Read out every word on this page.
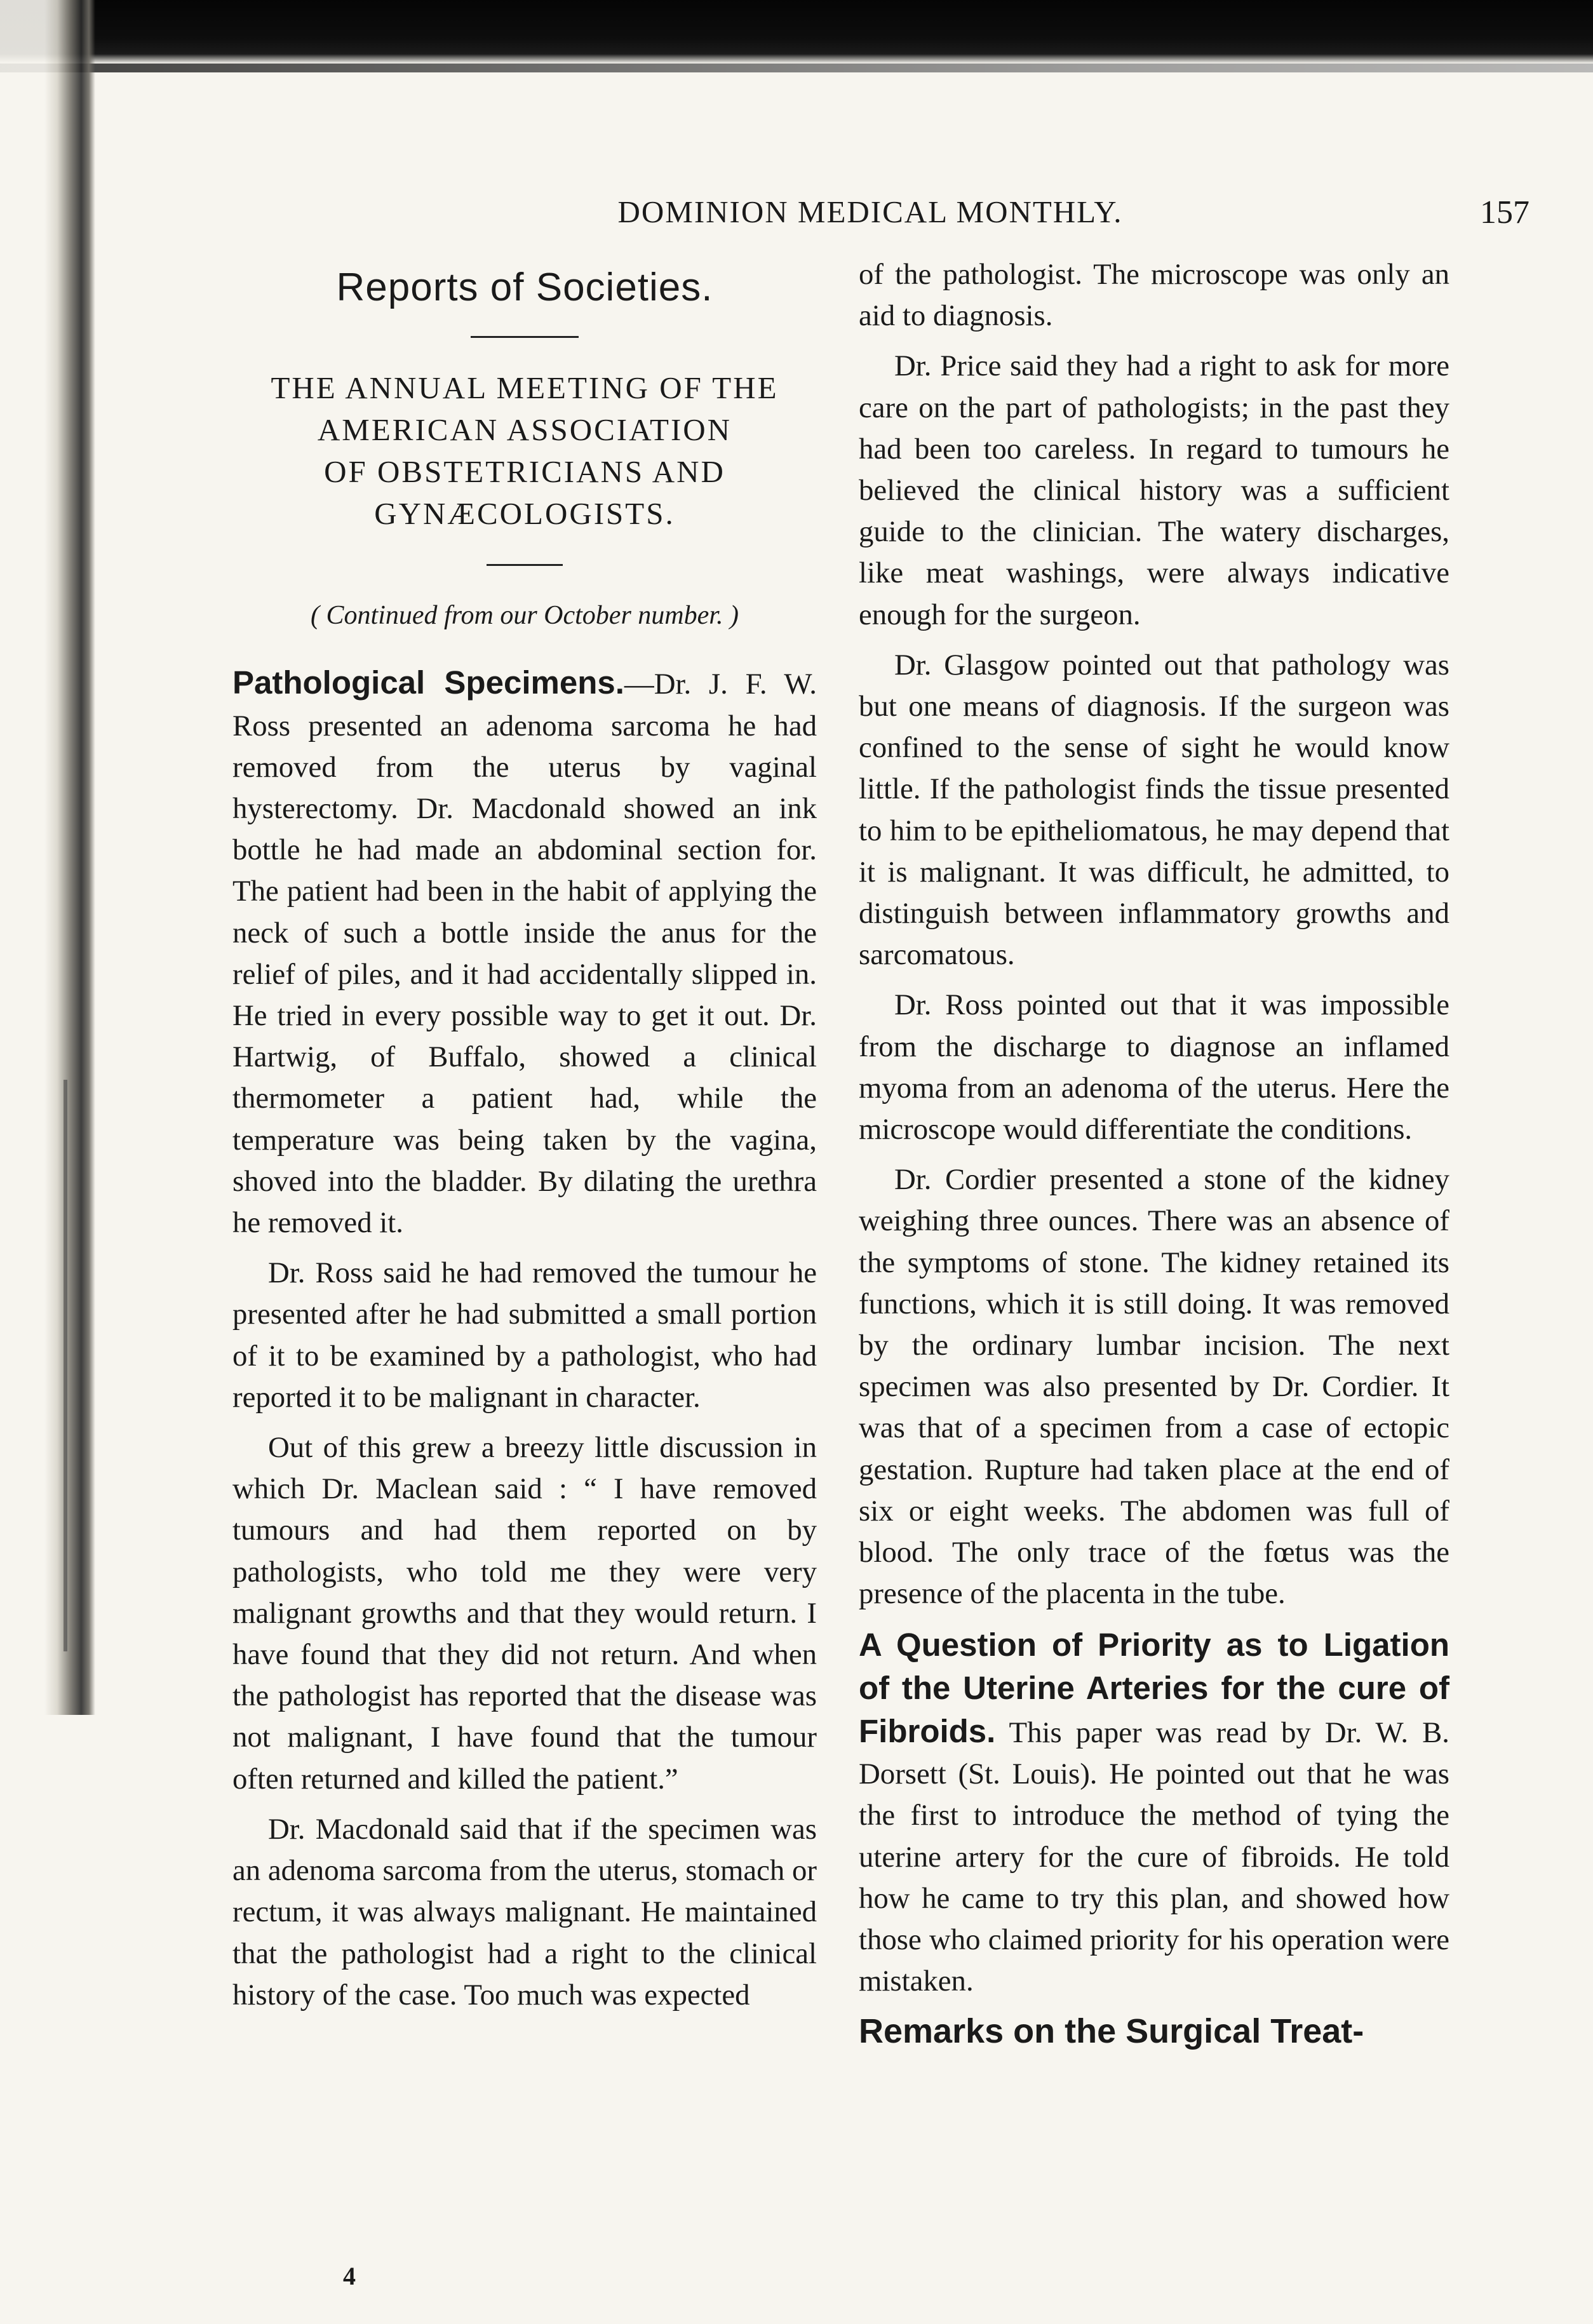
DOMINION MEDICAL MONTHLY.	157
Reports of Societies.
THE ANNUAL MEETING OF THE
AMERICAN ASSOCIATION
OF OBSTETRICIANS AND
GYNÆCOLOGISTS.
( Continued from our October number. )

Pathological Specimens.—Dr. J. F. W. Ross presented an adenoma sarcoma he had removed from the uterus by vaginal hysterectomy. Dr. Macdonald showed an ink bottle he had made an abdominal section for. The patient had been in the habit of applying the neck of such a bottle inside the anus for the relief of piles, and it had accidentally slipped in. He tried in every possible way to get it out. Dr. Hartwig, of Buffalo, showed a clinical thermometer a patient had, while the temperature was being taken by the vagina, shoved into the bladder. By dilating the urethra he removed it.

Dr. Ross said he had removed the tumour he presented after he had submitted a small portion of it to be examined by a pathologist, who had reported it to be malignant in character.

Out of this grew a breezy little discussion in which Dr. Maclean said : “ I have removed tumours and had them reported on by pathologists, who told me they were very malignant growths and that they would return. I have found that they did not return. And when the pathologist has reported that the disease was not malignant, I have found that the tumour often returned and killed the patient.”

Dr. Macdonald said that if the specimen was an adenoma sarcoma from the uterus, stomach or rectum, it was always malignant. He maintained that the pathologist had a right to the clinical history of the case. Too much was expected

of the pathologist. The microscope was only an aid to diagnosis.

Dr. Price said they had a right to ask for more care on the part of pathologists; in the past they had been too careless. In regard to tumours he believed the clinical history was a sufficient guide to the clinician. The watery discharges, like meat washings, were always indicative enough for the surgeon.

Dr. Glasgow pointed out that pathology was but one means of diagnosis. If the surgeon was confined to the sense of sight he would know little. If the pathologist finds the tissue presented to him to be epitheliomatous, he may depend that it is malignant. It was difficult, he admitted, to distinguish between inflammatory growths and sarcomatous.

Dr. Ross pointed out that it was impossible from the discharge to diagnose an inflamed myoma from an adenoma of the uterus. Here the microscope would differentiate the conditions.

Dr. Cordier presented a stone of the kidney weighing three ounces. There was an absence of the symptoms of stone. The kidney retained its functions, which it is still doing. It was removed by the ordinary lumbar incision. The next specimen was also presented by Dr. Cordier. It was that of a specimen from a case of ectopic gestation. Rupture had taken place at the end of six or eight weeks. The abdomen was full of blood. The only trace of the fœtus was the presence of the placenta in the tube.

A Question of Priority as to Ligation of the Uterine Arteries for the cure of Fibroids. This paper was read by Dr. W. B. Dorsett (St. Louis). He pointed out that he was the first to introduce the method of tying the uterine artery for the cure of fibroids. He told how he came to try this plan, and showed how those who claimed priority for his operation were mistaken.

Remarks on the Surgical Treat-
4
